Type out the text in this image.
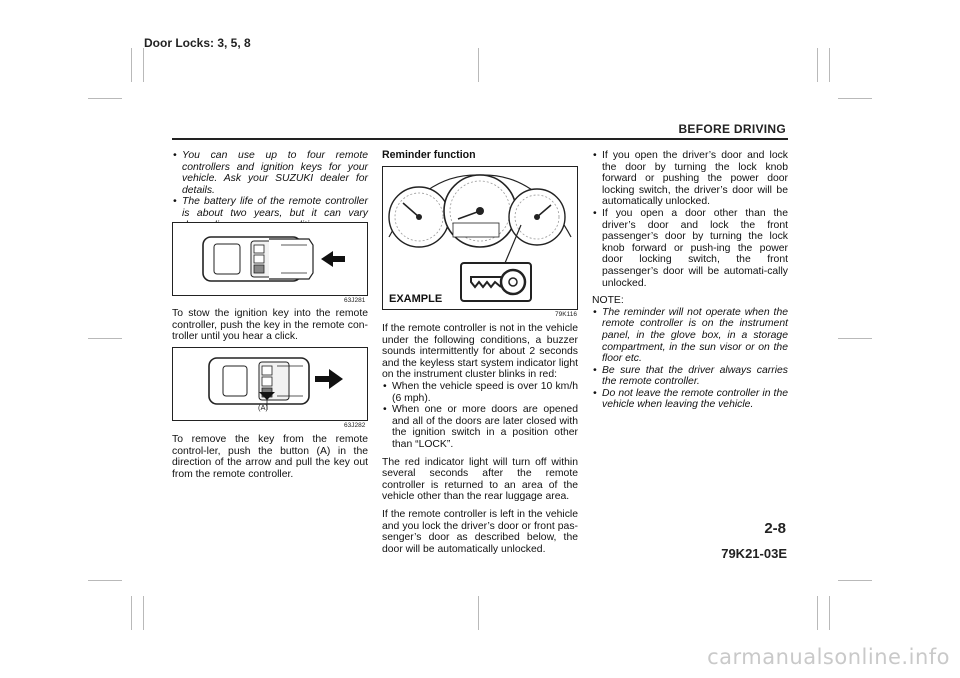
Door Locks: 3, 5, 8
BEFORE DRIVING
• You can use up to four remote controllers and ignition keys for your vehicle. Ask your SUZUKI dealer for details.
• The battery life of the remote controller is about two years, but it can vary
63J281

To stow the ignition key into the remote controller, push the key in the remote con-troller until you hear a click.

(A)
63J282

To remove the key from the remote control-ler, push the button (A) in the direction of the arrow and pull the key out from the remote controller.

Reminder function
EXAMPLE
79K116

If the remote controller is not in the vehicle under the following conditions, a buzzer sounds intermittently for about 2 seconds and the keyless start system indicator light on the instrument cluster blinks in red:

• When the vehicle speed is over 10 km/h (6 mph).
• When one or more doors are opened and all of the doors are later closed with the ignition switch in a position other than “LOCK”.

The red indicator light will turn off within several seconds after the remote controller is returned to an area of the vehicle other than the rear luggage area.

If the remote controller is left in the vehicle and you lock the driver’s door or front pas-senger’s door as described below, the door will be automatically unlocked.

• If you open the driver’s door and lock the door by turning the lock knob forward or pushing the power door locking switch, the driver’s door will be automatically unlocked.
• If you open a door other than the driver’s door and lock the front passenger’s door by turning the lock knob forward or push-ing the power door locking switch, the front passenger’s door will be automati-cally unlocked.

NOTE:

• The reminder will not operate when the remote controller is on the instrument panel, in the glove box, in a storage compartment, in the sun visor or on the floor etc.
• Be sure that the driver always carries the remote controller.
• Do not leave the remote controller in the vehicle when leaving the vehicle.
2-8
79K21-03E
carmanualsonline.info
